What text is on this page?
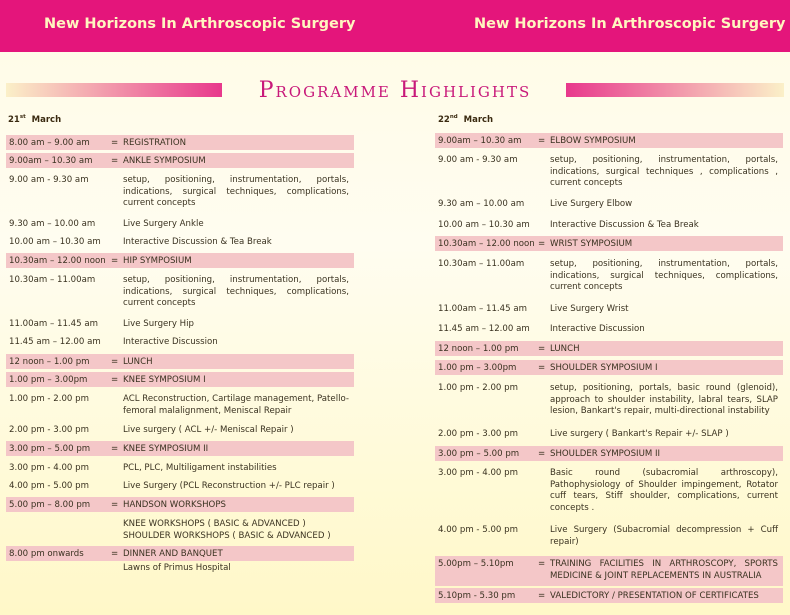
New Horizons In Arthroscopic Surgery	New Horizons In Arthroscopic Surgery
Programme Highlights
21st March	22nd March
8.00 am – 9.00 am = REGISTRATION
9.00am – 10.30 am = ANKLE SYMPOSIUM
9.00 am - 9.30 am	setup, positioning, instrumentation, portals, indications, surgical techniques, complications, current concepts
9.30 am – 10.00 am	Live Surgery Ankle
10.00 am – 10.30 am	Interactive Discussion & Tea Break
10.30am – 12.00 noon = HIP SYMPOSIUM
10.30am – 11.00am	setup, positioning, instrumentation, portals, indications, surgical techniques, complications, current concepts
11.00am – 11.45 am	Live Surgery Hip
11.45 am – 12.00 am	Interactive Discussion
12 noon – 1.00 pm = LUNCH
1.00 pm – 3.00pm	= KNEE SYMPOSIUM I
1.00 pm - 2.00 pm	ACL Reconstruction, Cartilage management, Patello-femoral malalignment, Meniscal Repair
2.00 pm - 3.00 pm	Live surgery ( ACL +/- Meniscal Repair )
3.00 pm – 5.00 pm = KNEE SYMPOSIUM II
3.00 pm - 4.00 pm	PCL, PLC, Multiligament instabilities
4.00 pm - 5.00 pm	Live Surgery (PCL Reconstruction +/- PLC repair )
5.00 pm – 8.00 pm = HANDSON WORKSHOPS
KNEE WORKSHOPS ( BASIC & ADVANCED )
SHOULDER WORKSHOPS ( BASIC & ADVANCED )
8.00 pm onwards	= DINNER AND BANQUET
Lawns of Primus Hospital
9.00am – 10.30 am = ELBOW SYMPOSIUM
9.00 am - 9.30 am	setup, positioning, instrumentation, portals, indications, surgical techniques , complications , current concepts
9.30 am – 10.00 am	Live Surgery Elbow
10.00 am – 10.30 am Interactive Discussion & Tea Break
10.30am – 12.00 noon = WRIST SYMPOSIUM
10.30am – 11.00am	setup, positioning, instrumentation, portals, indications, surgical techniques, complications, current concepts
11.00am – 11.45 am	Live Surgery Wrist
11.45 am – 12.00 am Interactive Discussion
12 noon – 1.00 pm = LUNCH
1.00 pm – 3.00pm	= SHOULDER SYMPOSIUM I
1.00 pm - 2.00 pm	setup, positioning, portals, basic round (glenoid), approach to shoulder instability, labral tears, SLAP lesion, Bankart's repair, multi-directional instability
2.00 pm - 3.00 pm	Live surgery ( Bankart's Repair +/- SLAP )
3.00 pm – 5.00 pm = SHOULDER SYMPOSIUM II
3.00 pm - 4.00 pm	Basic round (subacromial arthroscopy), Pathophysiology of Shoulder impingement, Rotator cuff tears, Stiff shoulder, complications, current concepts .
4.00 pm - 5.00 pm	Live Surgery (Subacromial decompression + Cuff repair)
5.00pm – 5.10pm	= TRAINING FACILITIES IN ARTHROSCOPY, SPORTS MEDICINE & JOINT REPLACEMENTS IN AUSTRALIA
5.10pm - 5.30 pm	= VALEDICTORY / PRESENTATION OF CERTIFICATES
